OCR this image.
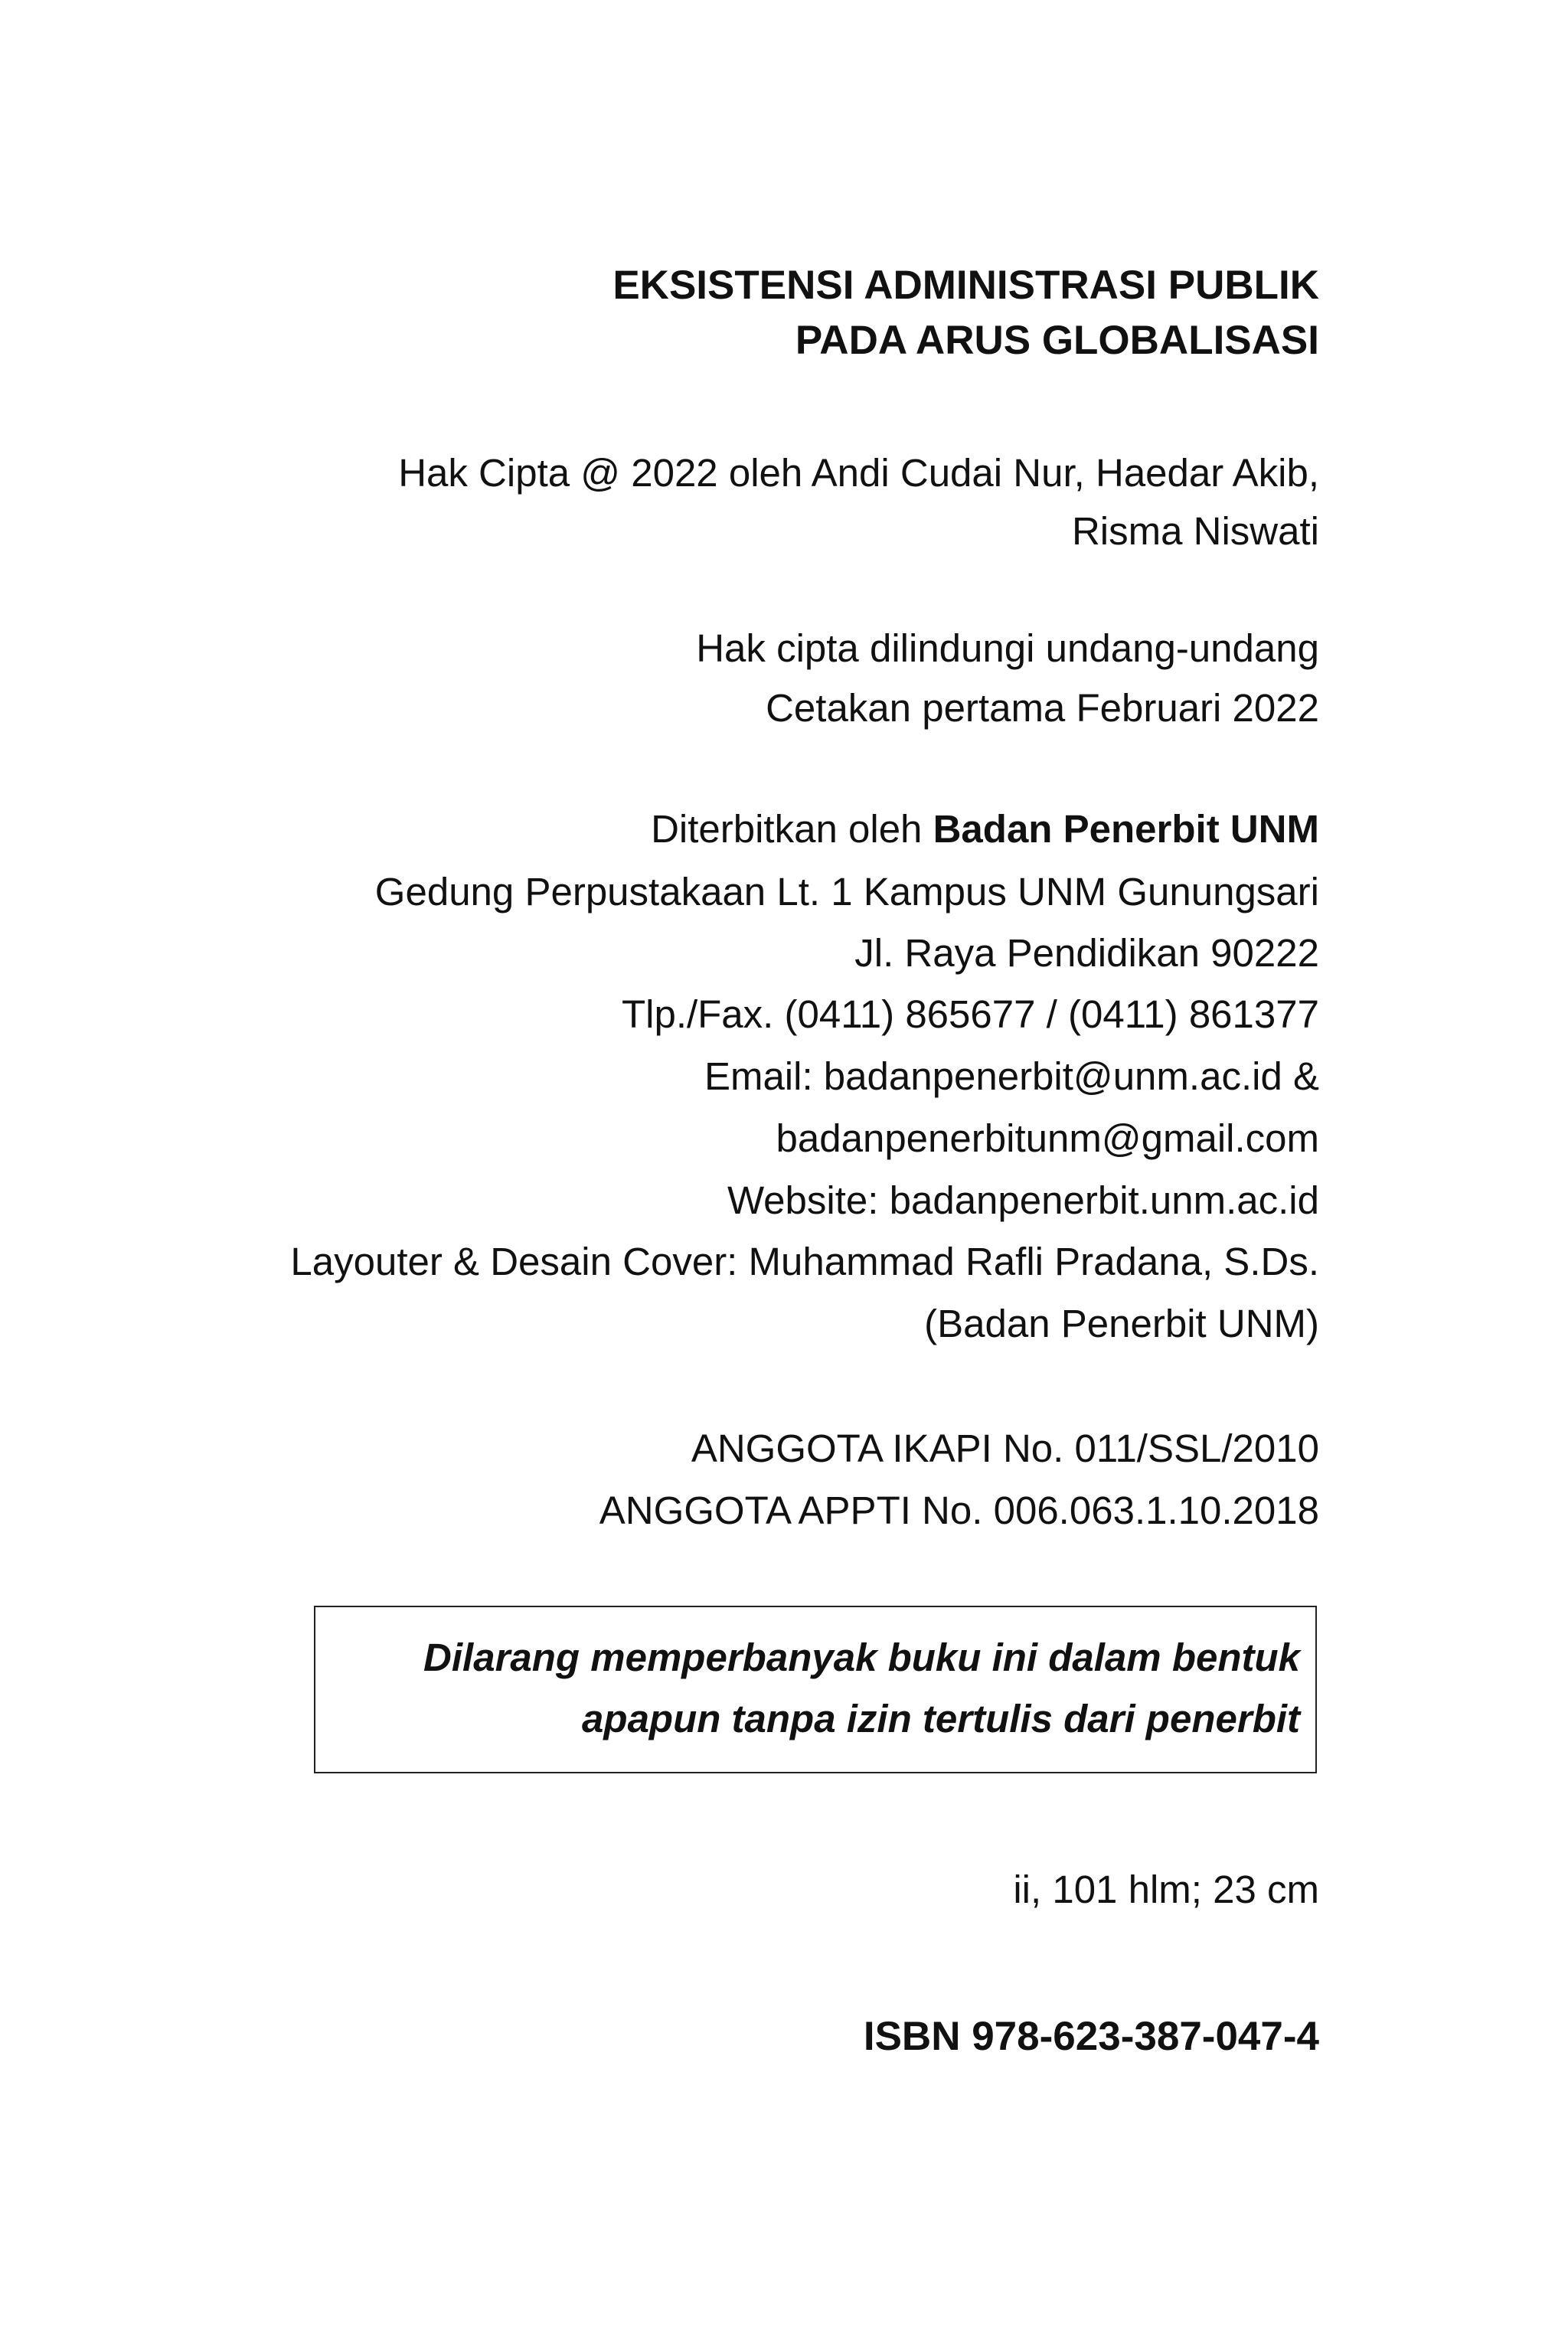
EKSISTENSI ADMINISTRASI PUBLIK
PADA ARUS GLOBALISASI
Hak Cipta @ 2022 oleh Andi Cudai Nur, Haedar Akib,
Risma Niswati
Hak cipta dilindungi undang-undang
Cetakan pertama Februari 2022
Diterbitkan oleh Badan Penerbit UNM
Gedung Perpustakaan Lt. 1 Kampus UNM Gunungsari
Jl. Raya Pendidikan 90222
Tlp./Fax. (0411) 865677 / (0411) 861377
Email: badanpenerbit@unm.ac.id &
badanpenerbitunm@gmail.com
Website: badanpenerbit.unm.ac.id
Layouter & Desain Cover: Muhammad Rafli Pradana, S.Ds.
(Badan Penerbit UNM)
ANGGOTA IKAPI No. 011/SSL/2010
ANGGOTA APPTI No. 006.063.1.10.2018
Dilarang memperbanyak buku ini dalam bentuk
apapun tanpa izin tertulis dari penerbit
ii, 101 hlm; 23 cm
ISBN 978-623-387-047-4
